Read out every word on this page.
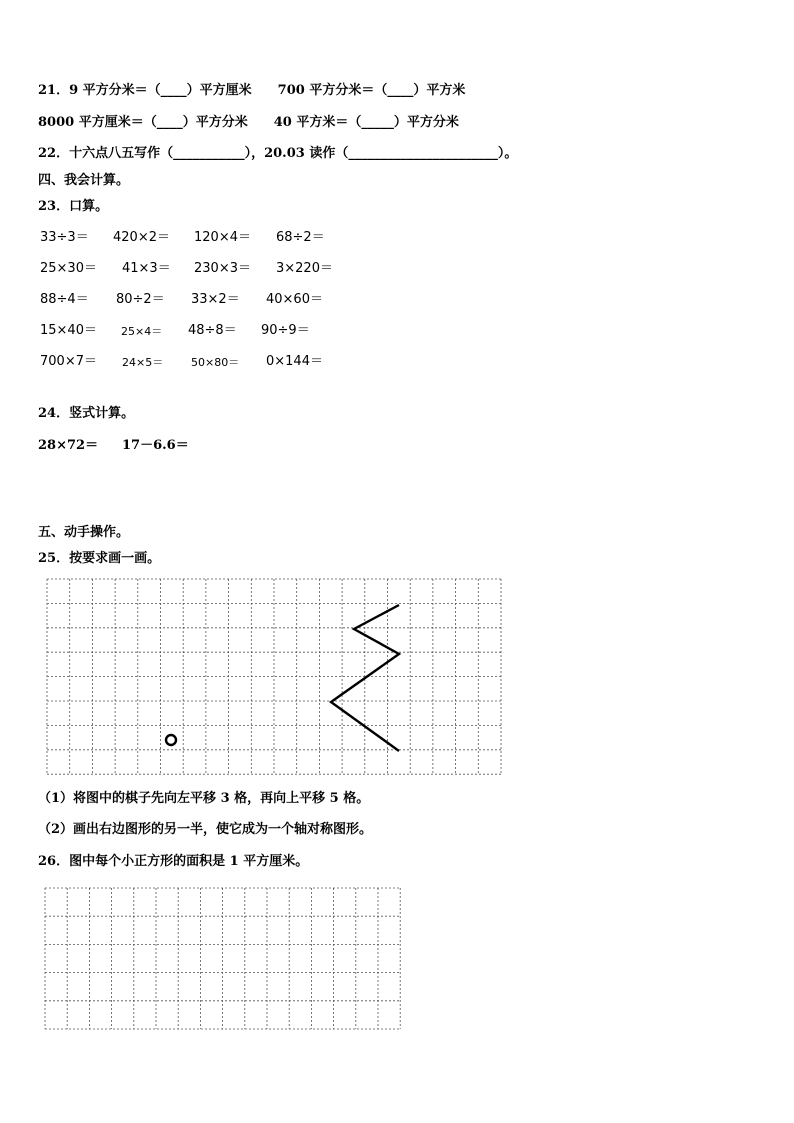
21．9 平方分米＝（____）平方厘米　　700 平方分米＝（____）平方米
8000 平方厘米＝（____）平方分米　　40 平方米＝（_____）平方分米
22．十六点八五写作（___________），20.03 读作（_______________________）。
四、我会计算。
23．口算。
33÷3＝ 420×2＝ 120×4＝ 68÷2＝
25×30＝ 41×3＝ 230×3＝ 3×220＝
88÷4＝ 80÷2＝ 33×2＝ 40×60＝
15×40＝ 25×4＝ 48÷8＝ 90÷9＝
700×7＝ 24×5＝	50×80＝ 0×144＝
24．竖式计算。
28×72＝ 17－6.6＝
五、动手操作。
25．按要求画一画。
（1）将图中的棋子先向左平移 3 格，再向上平移 5 格。
（2）画出右边图形的另一半，使它成为一个轴对称图形。
26．图中每个小正方形的面积是 1 平方厘米。
